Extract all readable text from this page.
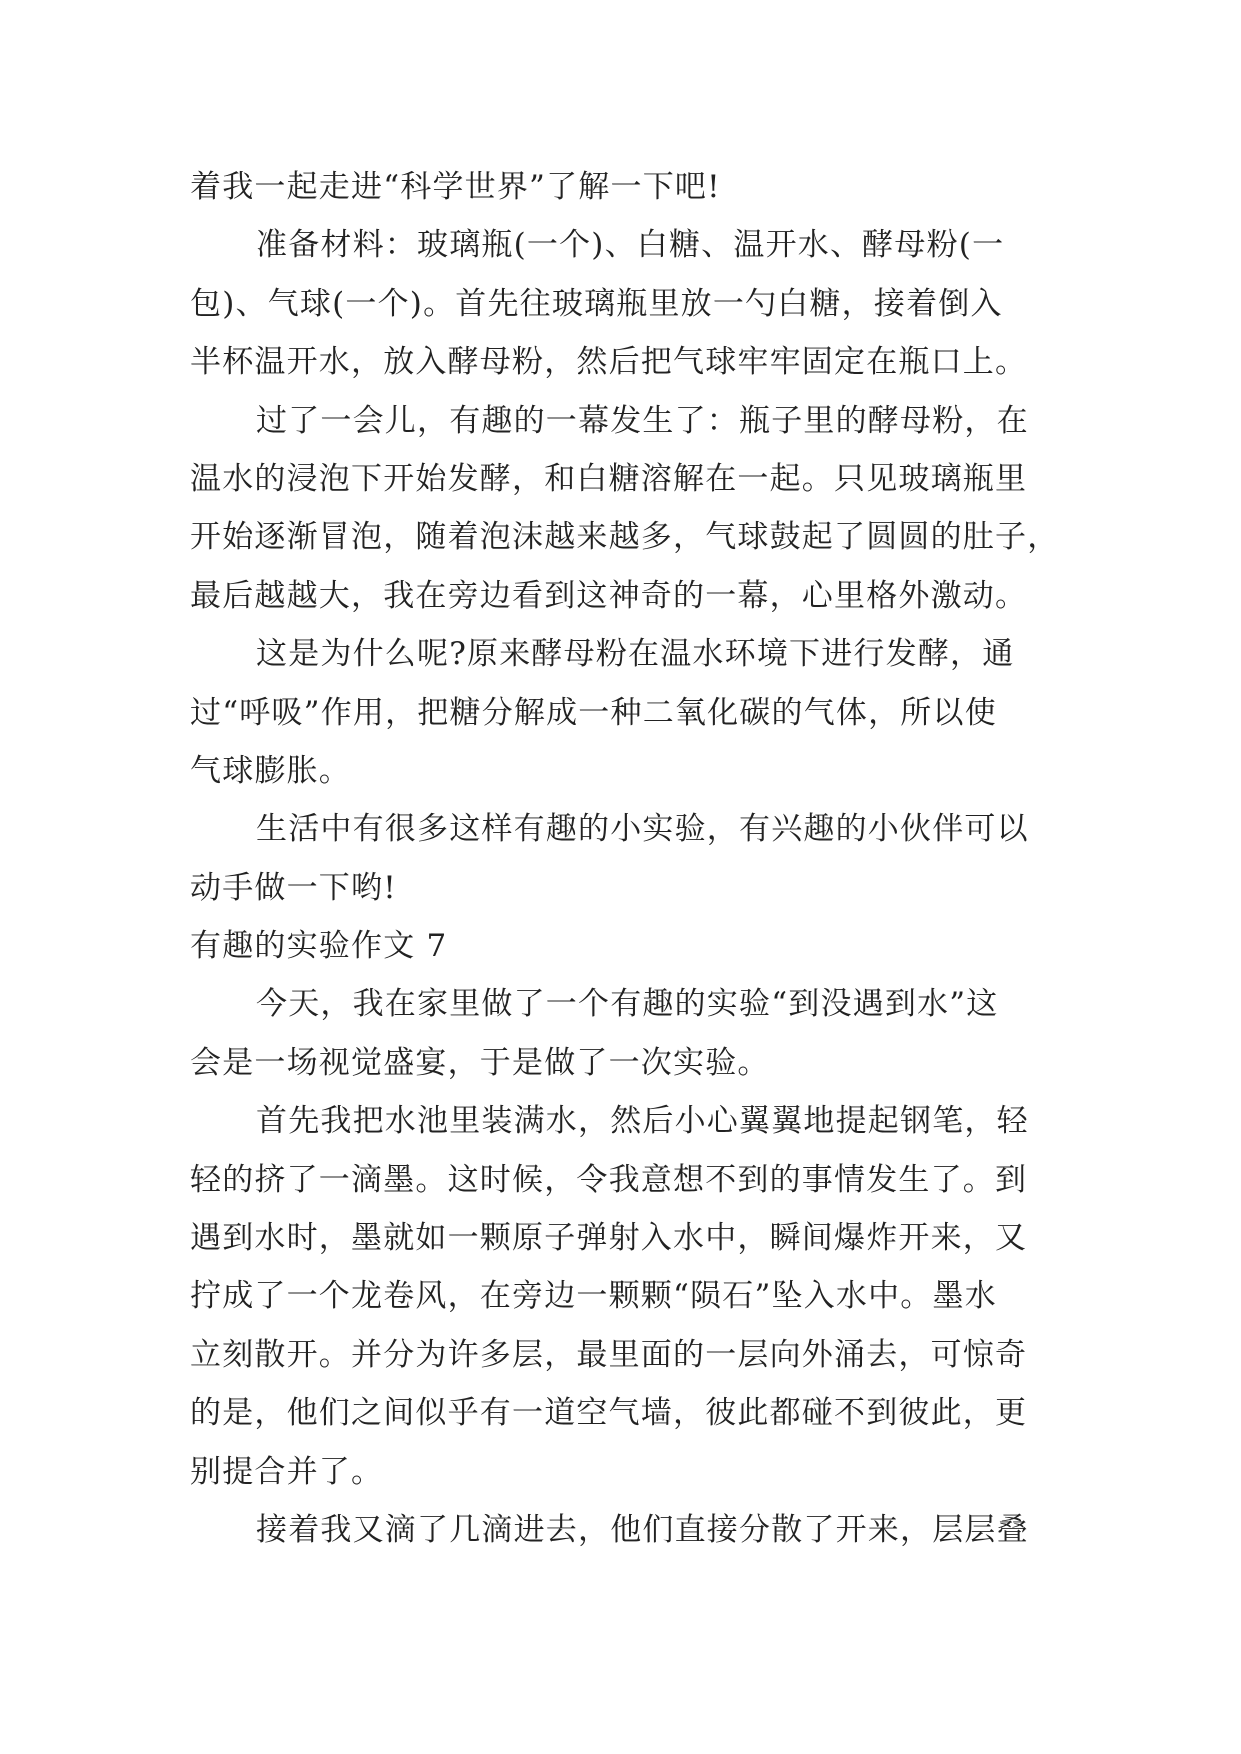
着我一起走进“科学世界”了解一下吧!
准备材料：玻璃瓶(一个)、白糖、温开水、酵母粉(一
包)、气球(一个)。首先往玻璃瓶里放一勺白糖，接着倒入
半杯温开水，放入酵母粉，然后把气球牢牢固定在瓶口上。
过了一会儿，有趣的一幕发生了：瓶子里的酵母粉，在
温水的浸泡下开始发酵，和白糖溶解在一起。只见玻璃瓶里
开始逐渐冒泡，随着泡沫越来越多，气球鼓起了圆圆的肚子，
最后越越大，我在旁边看到这神奇的一幕，心里格外激动。
这是为什么呢?原来酵母粉在温水环境下进行发酵，通
过“呼吸”作用，把糖分解成一种二氧化碳的气体，所以使
气球膨胀。
生活中有很多这样有趣的小实验，有兴趣的小伙伴可以
动手做一下哟!
有趣的实验作文 7
今天，我在家里做了一个有趣的实验“到没遇到水”这
会是一场视觉盛宴，于是做了一次实验。
首先我把水池里装满水，然后小心翼翼地提起钢笔，轻
轻的挤了一滴墨。这时候，令我意想不到的事情发生了。到
遇到水时，墨就如一颗原子弹射入水中，瞬间爆炸开来，又
拧成了一个龙卷风，在旁边一颗颗“陨石”坠入水中。墨水
立刻散开。并分为许多层，最里面的一层向外涌去，可惊奇
的是，他们之间似乎有一道空气墙，彼此都碰不到彼此，更
别提合并了。
接着我又滴了几滴进去，他们直接分散了开来，层层叠
